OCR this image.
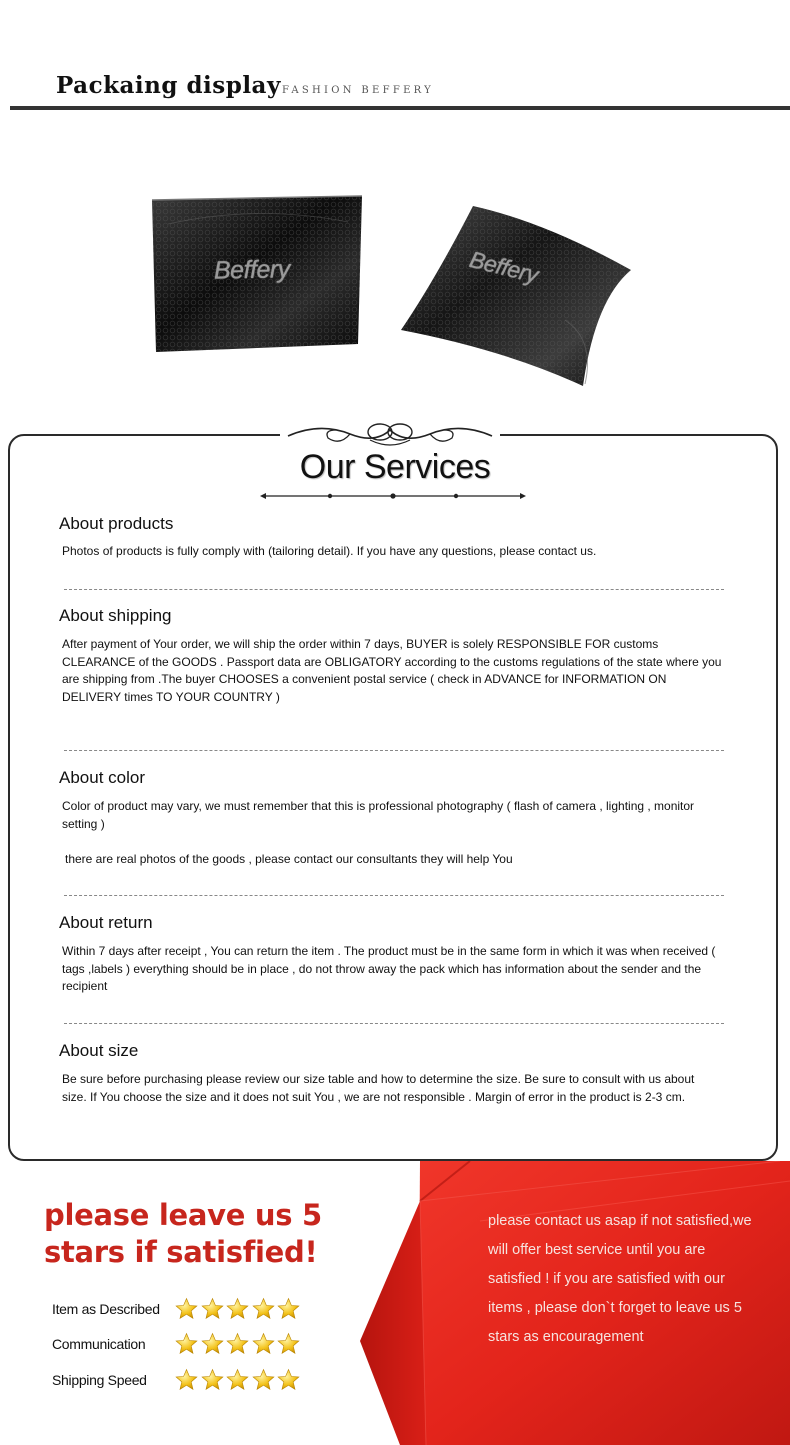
Packaing display FASHION BEFFERY
Beffery	Beffery
Our Services
About products
Photos of products is fully comply with (tailoring detail). If you have any questions, please contact us.
About shipping
After payment of Your order, we will ship the order within 7 days, BUYER is solely RESPONSIBLE FOR customs CLEARANCE of the GOODS . Passport data are OBLIGATORY according to the customs regulations of the state where you are shipping from .The buyer CHOOSES a convenient postal service ( check in ADVANCE for INFORMATION ON DELIVERY times TO YOUR COUNTRY )
About color
Color of product may vary, we must remember that this is professional photography ( flash of camera , lighting , monitor setting )
there are real photos of the goods , please contact our consultants they will help You
About return
Within 7 days after receipt , You can return the item . The product must be in the same form in which it was when received ( tags ,labels ) everything should be in place , do not throw away the pack which has information about the sender and the recipient
About size
Be sure before purchasing please review our size table and how to determine the size. Be sure to consult with us about size. If You choose the size and it does not suit You , we are not responsible . Margin of error in the product is 2-3 cm.
please leave us 5 stars if satisfied!
Item as Described
Communication
Shipping Speed
please contact us asap if not satisfied,we will offer best service until you are satisfied ! if you are satisfied with our items , please don`t forget to leave us 5 stars as encouragement
